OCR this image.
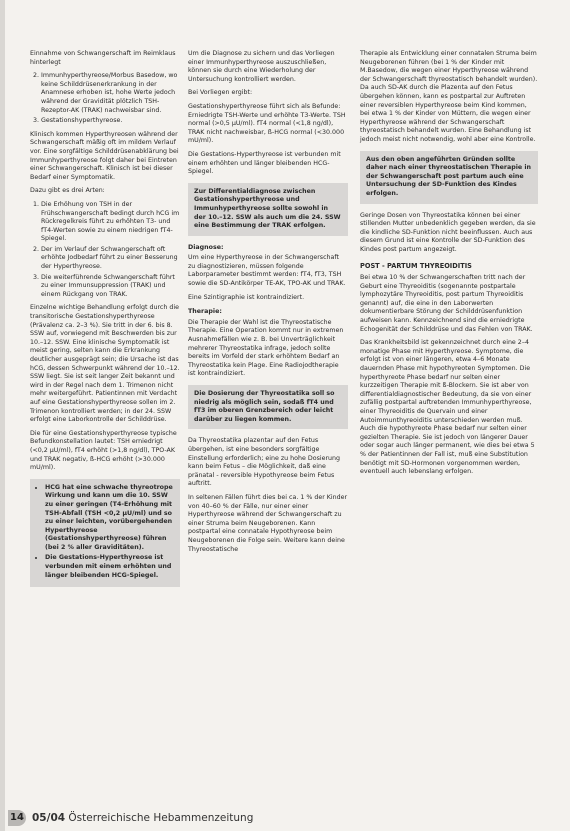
Einnahme von Schwangerschaft im Reimklaus hinterlegt

2. Immunhyperthyreose/Morbus Basedow, wo keine Schilddrüsenerkrankung in der Anamnese erhoben ist, hohe Werte jedoch während der Gravidität plötzlich TSH-Rezeptor-AK (TRAK) nachweisbar sind.
3. Gestationshyperthyreose.

Klinisch kommen Hyperthyreosen während der Schwangerschaft mäßig oft im mildem Verlauf vor. Eine sorgfältige Schilddrüsenabklärung bei Immunhyperthyreose folgt daher bei Eintreten einer Schwangerschaft. Klinisch ist bei dieser Bedarf einer Symptomatik.

Dazu gibt es drei Arten:

1. Die Erhöhung von TSH in der Frühschwangerschaft bedingt durch hCG im Rückregelkreis führt zu erhöhten T3- und fT4-Werten sowie zu einem niedrigen fT4-Spiegel.
2. Der im Verlauf der Schwangerschaft oft erhöhte Jodbedarf führt zu einer Besserung der Hyperthyreose.
3. Die weiterführende Schwangerschaft führt zu einer Immunsuppression (TRAK) und einem Rückgang von TRAK.

Einzelne wichtige Behandlung erfolgt durch die transitorische Gestationshyperthyreose (Prävalenz ca. 2–3 %). Sie tritt in der 6. bis 8. SSW auf, vorwiegend mit Beschwerden bis zur 10.–12. SSW. Eine klinische Symptomatik ist meist gering, selten kann die Erkrankung deutlicher ausgeprägt sein; die Ursache ist das hCG, dessen Schwerpunkt während der 10.–12. SSW liegt. Sie ist seit langer Zeit bekannt und wird in der Regel nach dem 1. Trimenon nicht mehr weitergeführt. Patientinnen mit Verdacht auf eine Gestationshyperthyreose sollen im 2. Trimenon kontrolliert werden; in der 24. SSW erfolgt eine Laborkontrolle der Schilddrüse.

Die für eine Gestationshyperthyreose typische Befundkonstellation lautet: TSH erniedrigt (<0,2 µU/ml), fT4 erhöht (>1,8 ng/dl), TPO-AK und TRAK negativ, ß-HCG erhöht (>30.000 mU/ml).

• HCG hat eine schwache thyreotrope Wirkung und kann um die 10. SSW zu einer geringen (T4-Erhöhung mit TSH-Abfall (TSH <0,2 µU/ml) und so zu einer leichten, vorübergehenden Hyperthyreose (Gestationshyperthyreose) führen (bei 2 % aller Graviditäten).
• Die Gestations-Hyperthyreose ist verbunden mit einem erhöhten und länger bleibenden HCG-Spiegel.

Um die Diagnose zu sichern und das Vorliegen einer Immunhyperthyreose auszuschließen, können sie durch eine Wiederholung der Untersuchung kontrolliert werden.

Bei Vorliegen ergibt:

Gestationshyperthyreose führt sich als Befunde: Erniedrigte TSH-Werte und erhöhte T3-Werte. TSH normal (>0,5 µU/ml). fT4 normal (<1,8 ng/dl), TRAK nicht nachweisbar, ß-HCG normal (<30.000 mU/ml).

Die Gestations-Hyperthyreose ist verbunden mit einem erhöhten und länger bleibenden HCG-Spiegel.

Zur Differentialdiagnose zwischen Gestationshyperthyreose und Immunhyperthyreose sollte sowohl in der 10.–12. SSW als auch um die 24. SSW eine Bestimmung der TRAK erfolgen.
Diagnose:

Um eine Hyperthyreose in der Schwangerschaft zu diagnostizieren, müssen folgende Laborparameter bestimmt werden: fT4, fT3, TSH sowie die SD-Antikörper TE-AK, TPO-AK und TRAK.

Eine Szintigraphie ist kontraindiziert.

Therapie:

Die Therapie der Wahl ist die Thyreostatische Therapie. Eine Operation kommt nur in extremen Ausnahmefällen wie z. B. bei Unverträglichkeit mehrerer Thyreostatika infrage, jedoch sollte bereits im Vorfeld der stark erhöhtem Bedarf an Thyreostatika kein Plage. Eine Radiojodtherapie ist kontraindiziert.

Die Dosierung der Thyreostatika soll so niedrig als möglich sein, sodaß fT4 und fT3 im oberen Grenzbereich oder leicht darüber zu liegen kommen.

Da Thyreostatika plazentar auf den Fetus übergehen, ist eine besonders sorgfältige Einstellung erforderlich; eine zu hohe Dosierung kann beim Fetus – die Möglichkeit, daß eine pränatal - reversible Hypothyreose beim Fetus auftritt.

In seltenen Fällen führt dies bei ca. 1 % der Kinder von 40–60 % der Fälle, nur einer einer Hyperthyreose während der Schwangerschaft zu einer Struma beim Neugeborenen. Kann postpartal eine connatale Hypothyreose beim Neugeborenen die Folge sein. Weitere kann deine Thyreostatische

Therapie als Entwicklung einer connatalen Struma beim Neugeborenen führen (bei 1 % der Kinder mit M.Basedow, die wegen einer Hyperthyreose während der Schwangerschaft thyreostatisch behandelt wurden). Da auch SD-AK durch die Plazenta auf den Fetus übergehen können, kann es postpartal zur Auftreten einer reversiblen Hyperthyreose beim Kind kommen, bei etwa 1 % der Kinder von Müttern, die wegen einer Hyperthyreose während der Schwangerschaft thyreostatisch behandelt wurden. Eine Behandlung ist jedoch meist nicht notwendig, wohl aber eine Kontrolle.

Aus den oben angeführten Gründen sollte daher nach einer thyreostatischen Therapie in der Schwangerschaft post partum auch eine Untersuchung der SD-Funktion des Kindes erfolgen.

Geringe Dosen von Thyreostatika können bei einer stillenden Mutter unbedenklich gegeben werden, da sie die kindliche SD-Funktion nicht beeinflussen. Auch aus diesem Grund ist eine Kontrolle der SD-Funktion des Kindes post partum angezeigt.

POST - PARTUM THYREOIDITIS

Bei etwa 10 % der Schwangerschaften tritt nach der Geburt eine Thyreoiditis (sogenannte postpartale lymphozytäre Thyreoiditis, post partum Thyreoiditis genannt) auf, die eine in den Laborwerten dokumentierbare Störung der Schilddrüsenfunktion aufweisen kann. Kennzeichnend sind die erniedrigte Echogenität der Schilddrüse und das Fehlen von TRAK.

Das Krankheitsbild ist gekennzeichnet durch eine 2–4 monatige Phase mit Hyperthyreose. Symptome, die erfolgt ist von einer längeren, etwa 4–6 Monate dauernden Phase mit hypothyreoten Symptomen. Die hyperthyreote Phase bedarf nur selten einer kurzzeitigen Therapie mit ß-Blockern. Sie ist aber von differentialdiagnostischer Bedeutung, da sie von einer zufällig postpartal auftretenden Immunhyperthyreose, einer Thyreoiditis de Quervain und einer Autoimmunthyreoiditis unterschieden werden muß. Auch die hypothyreote Phase bedarf nur selten einer gezielten Therapie. Sie ist jedoch von längerer Dauer oder sogar auch länger permanent, wie dies bei etwa 5 % der Patientinnen der Fall ist, muß eine Substitution benötigt mit SD-Hormonen vorgenommen werden, eventuell auch lebenslang erfolgen.

14 05/04 Österreichische Hebammenzeitung
